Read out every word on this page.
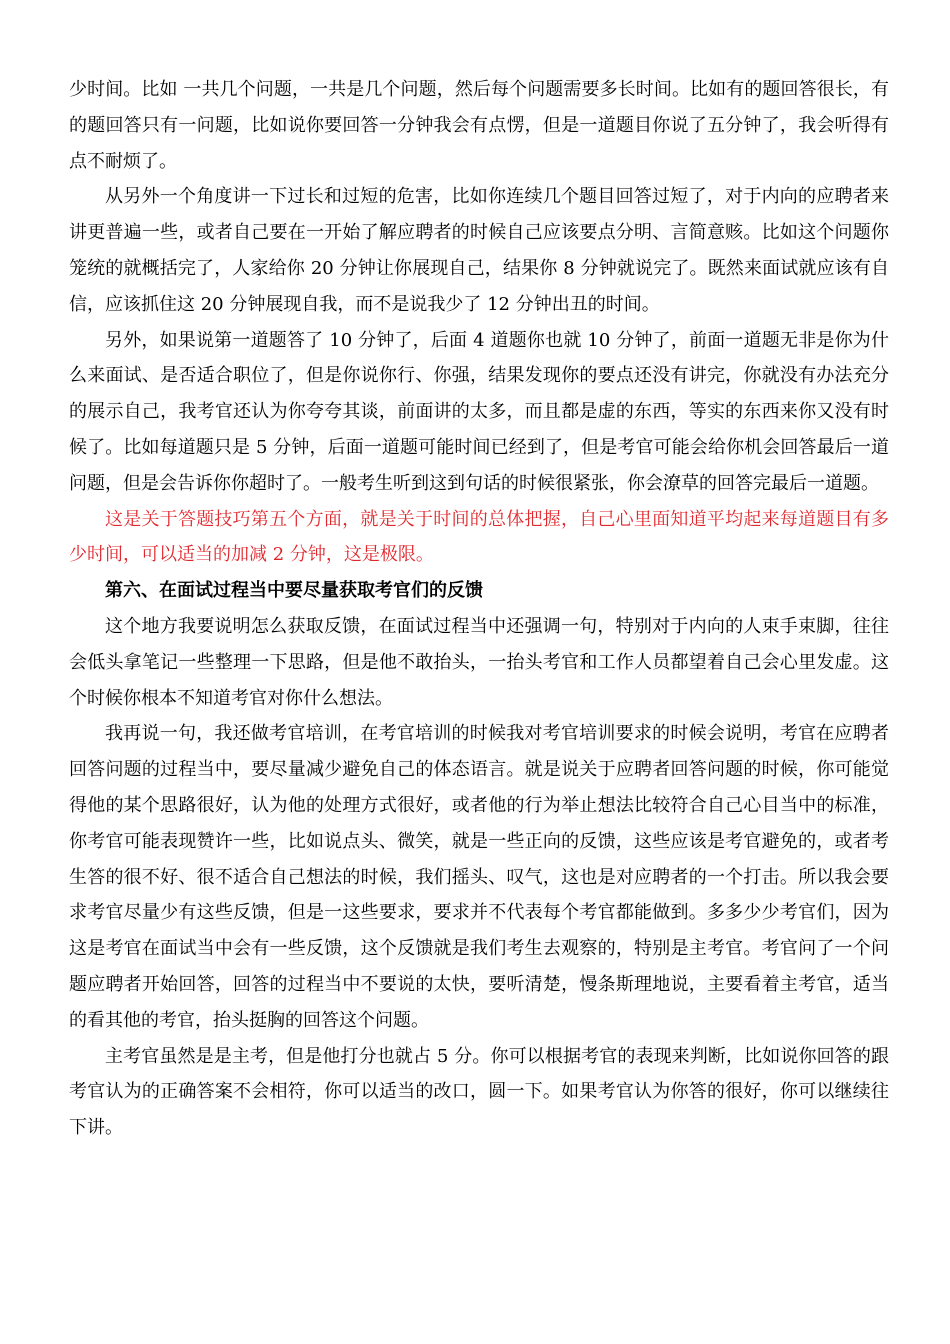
少时间。比如 一共几个问题，一共是几个问题，然后每个问题需要多长时间。比如有的题回答很长，有的题回答只有一问题，比如说你要回答一分钟我会有点愣，但是一道题目你说了五分钟了，我会听得有点不耐烦了。

从另外一个角度讲一下过长和过短的危害，比如你连续几个题目回答过短了，对于内向的应聘者来讲更普遍一些，或者自己要在一开始了解应聘者的时候自己应该要点分明、言简意赅。比如这个问题你笼统的就概括完了，人家给你 20 分钟让你展现自己，结果你 8 分钟就说完了。既然来面试就应该有自信，应该抓住这 20 分钟展现自我，而不是说我少了 12 分钟出丑的时间。

另外，如果说第一道题答了 10 分钟了，后面 4 道题你也就 10 分钟了，前面一道题无非是你为什么来面试、是否适合职位了，但是你说你行、你强，结果发现你的要点还没有讲完，你就没有办法充分的展示自己，我考官还认为你夸夸其谈，前面讲的太多，而且都是虚的东西，等实的东西来你又没有时候了。比如每道题只是 5 分钟，后面一道题可能时间已经到了，但是考官可能会给你机会回答最后一道问题，但是会告诉你你超时了。一般考生听到这到句话的时候很紧张，你会潦草的回答完最后一道题。

这是关于答题技巧第五个方面，就是关于时间的总体把握，自己心里面知道平均起来每道题目有多少时间，可以适当的加减 2 分钟，这是极限。

第六、在面试过程当中要尽量获取考官们的反馈

这个地方我要说明怎么获取反馈，在面试过程当中还强调一句，特别对于内向的人束手束脚，往往会低头拿笔记一些整理一下思路，但是他不敢抬头，一抬头考官和工作人员都望着自己会心里发虚。这个时候你根本不知道考官对你什么想法。

我再说一句，我还做考官培训，在考官培训的时候我对考官培训要求的时候会说明，考官在应聘者回答问题的过程当中，要尽量减少避免自己的体态语言。就是说关于应聘者回答问题的时候，你可能觉得他的某个思路很好，认为他的处理方式很好，或者他的行为举止想法比较符合自己心目当中的标准，你考官可能表现赞许一些，比如说点头、微笑，就是一些正向的反馈，这些应该是考官避免的，或者考生答的很不好、很不适合自己想法的时候，我们摇头、叹气，这也是对应聘者的一个打击。所以我会要求考官尽量少有这些反馈，但是一这些要求，要求并不代表每个考官都能做到。多多少少考官们，因为这是考官在面试当中会有一些反馈，这个反馈就是我们考生去观察的，特别是主考官。考官问了一个问题应聘者开始回答，回答的过程当中不要说的太快，要听清楚，慢条斯理地说，主要看着主考官，适当的看其他的考官，抬头挺胸的回答这个问题。

主考官虽然是是主考，但是他打分也就占 5 分。你可以根据考官的表现来判断，比如说你回答的跟考官认为的正确答案不会相符，你可以适当的改口，圆一下。如果考官认为你答的很好，你可以继续往下讲。
